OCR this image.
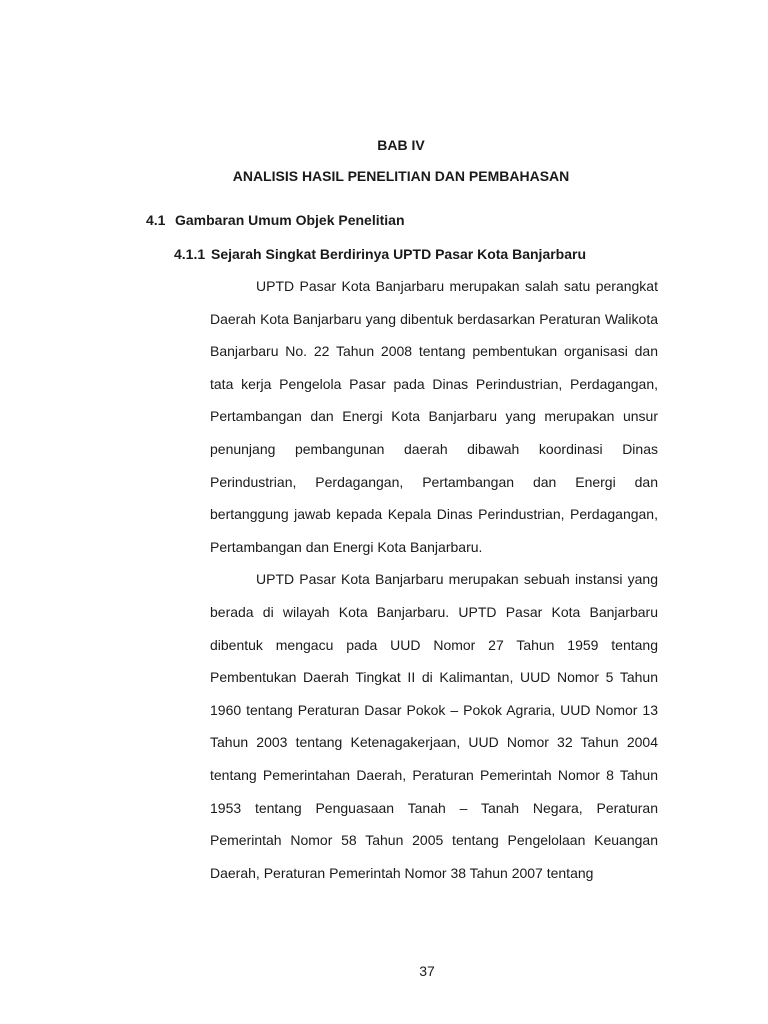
BAB IV
ANALISIS HASIL PENELITIAN DAN PEMBAHASAN
4.1 Gambaran Umum Objek Penelitian
4.1.1 Sejarah Singkat Berdirinya UPTD Pasar Kota Banjarbaru

UPTD Pasar Kota Banjarbaru merupakan salah satu perangkat Daerah Kota Banjarbaru yang dibentuk berdasarkan Peraturan Walikota Banjarbaru No. 22 Tahun 2008 tentang pembentukan organisasi dan tata kerja Pengelola Pasar pada Dinas Perindustrian, Perdagangan, Pertambangan dan Energi Kota Banjarbaru yang merupakan unsur penunjang pembangunan daerah dibawah koordinasi Dinas Perindustrian, Perdagangan, Pertambangan dan Energi dan bertanggung jawab kepada Kepala Dinas Perindustrian, Perdagangan, Pertambangan dan Energi Kota Banjarbaru.

UPTD Pasar Kota Banjarbaru merupakan sebuah instansi yang berada di wilayah Kota Banjarbaru. UPTD Pasar Kota Banjarbaru dibentuk mengacu pada UUD Nomor 27 Tahun 1959 tentang Pembentukan Daerah Tingkat II di Kalimantan, UUD Nomor 5 Tahun 1960 tentang Peraturan Dasar Pokok – Pokok Agraria, UUD Nomor 13 Tahun 2003 tentang Ketenagakerjaan, UUD Nomor 32 Tahun 2004 tentang Pemerintahan Daerah, Peraturan Pemerintah Nomor 8 Tahun 1953 tentang Penguasaan Tanah – Tanah Negara, Peraturan Pemerintah Nomor 58 Tahun 2005 tentang Pengelolaan Keuangan Daerah, Peraturan Pemerintah Nomor 38 Tahun 2007 tentang

37
